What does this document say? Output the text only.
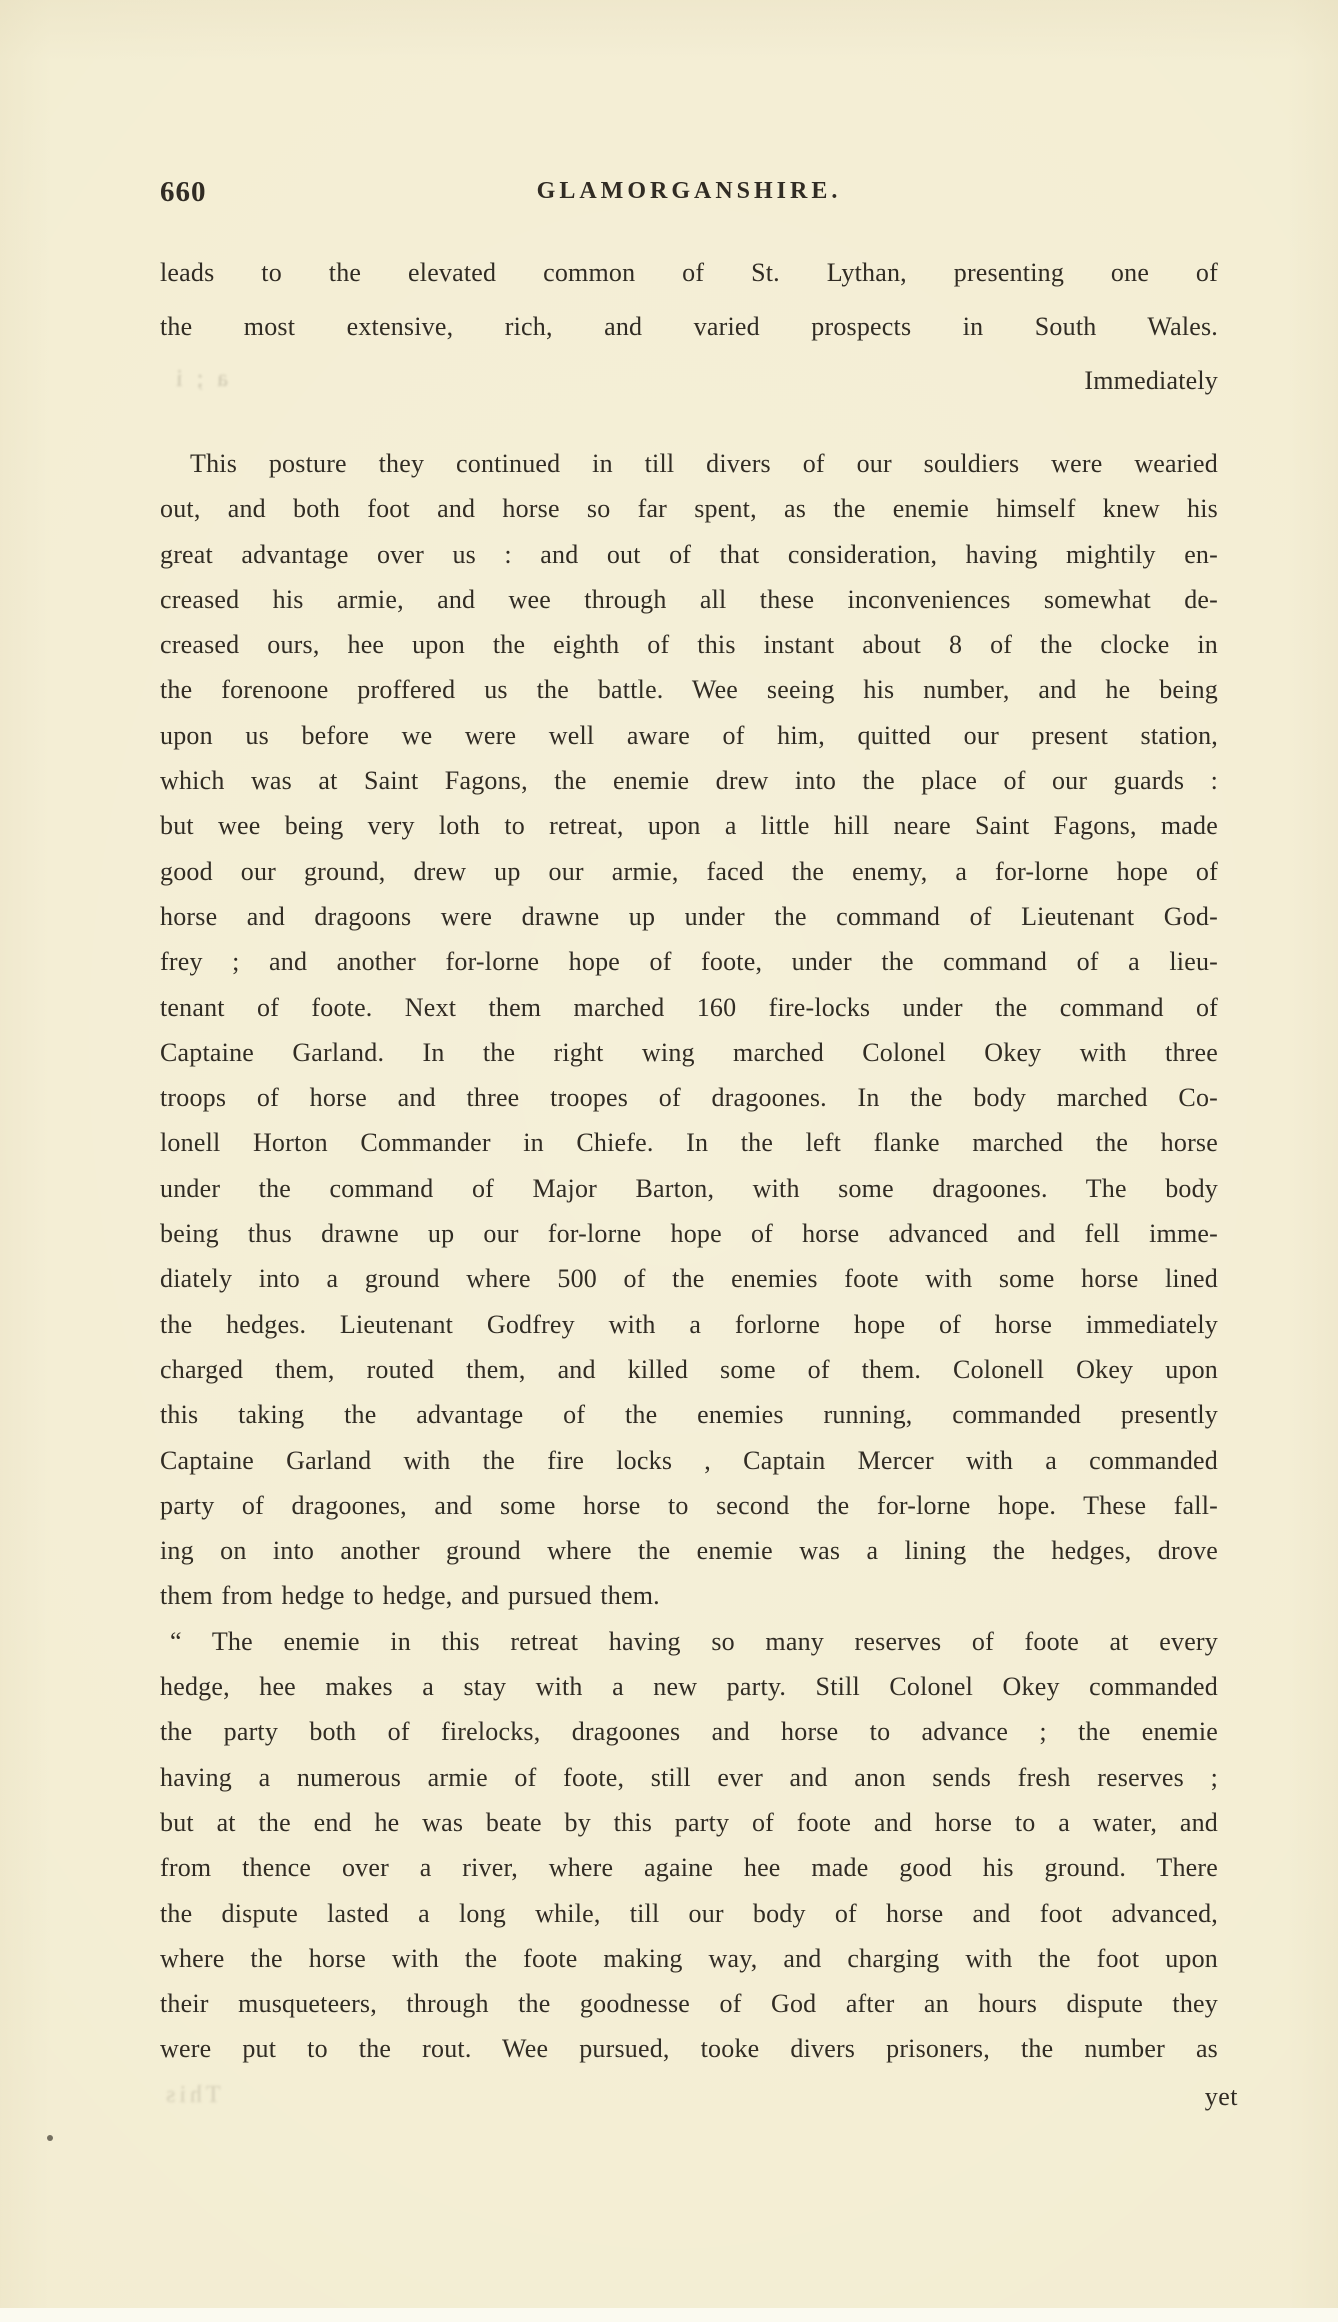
660	GLAMORGANSHIRE.
leads to the elevated common of St. Lythan, presenting one of
the most extensive, rich, and varied prospects in South Wales.
Immediately
This posture they continued in till divers of our souldiers were wearied
out, and both foot and horse so far spent, as the enemie himself knew his
great advantage over us : and out of that consideration, having mightily en-
creased his armie, and wee through all these inconveniences somewhat de-
creased ours, hee upon the eighth of this instant about 8 of the clocke in
the forenoone proffered us the battle. Wee seeing his number, and he being
upon us before we were well aware of him, quitted our present station,
which was at Saint Fagons, the enemie drew into the place of our guards :
but wee being very loth to retreat, upon a little hill neare Saint Fagons, made
good our ground, drew up our armie, faced the enemy, a for-lorne hope of
horse and dragoons were drawne up under the command of Lieutenant God-
frey ; and another for-lorne hope of foote, under the command of a lieu-
tenant of foote. Next them marched 160 fire-locks under the command of
Captaine Garland. In the right wing marched Colonel Okey with three
troops of horse and three troopes of dragoones. In the body marched Co-
lonell Horton Commander in Chiefe. In the left flanke marched the horse
under the command of Major Barton, with some dragoones. The body
being thus drawne up our for-lorne hope of horse advanced and fell imme-
diately into a ground where 500 of the enemies foote with some horse lined
the hedges. Lieutenant Godfrey with a forlorne hope of horse immediately
charged them, routed them, and killed some of them. Colonell Okey upon
this taking the advantage of the enemies running, commanded presently
Captaine Garland with the fire locks , Captain Mercer with a commanded
party of dragoones, and some horse to second the for-lorne hope. These fall-
ing on into another ground where the enemie was a lining the hedges, drove
them from hedge to hedge, and pursued them.
“ The enemie in this retreat having so many reserves of foote at every
hedge, hee makes a stay with a new party. Still Colonel Okey commanded
the party both of firelocks, dragoones and horse to advance ; the enemie
having a numerous armie of foote, still ever and anon sends fresh reserves ;
but at the end he was beate by this party of foote and horse to a water, and
from thence over a river, where againe hee made good his ground. There
the dispute lasted a long while, till our body of horse and foot advanced,
where the horse with the foote making way, and charging with the foot upon
their musqueteers, through the goodnesse of God after an hours dispute they
were put to the rout. Wee pursued, tooke divers prisoners, the number as
yet
a ; i
This
